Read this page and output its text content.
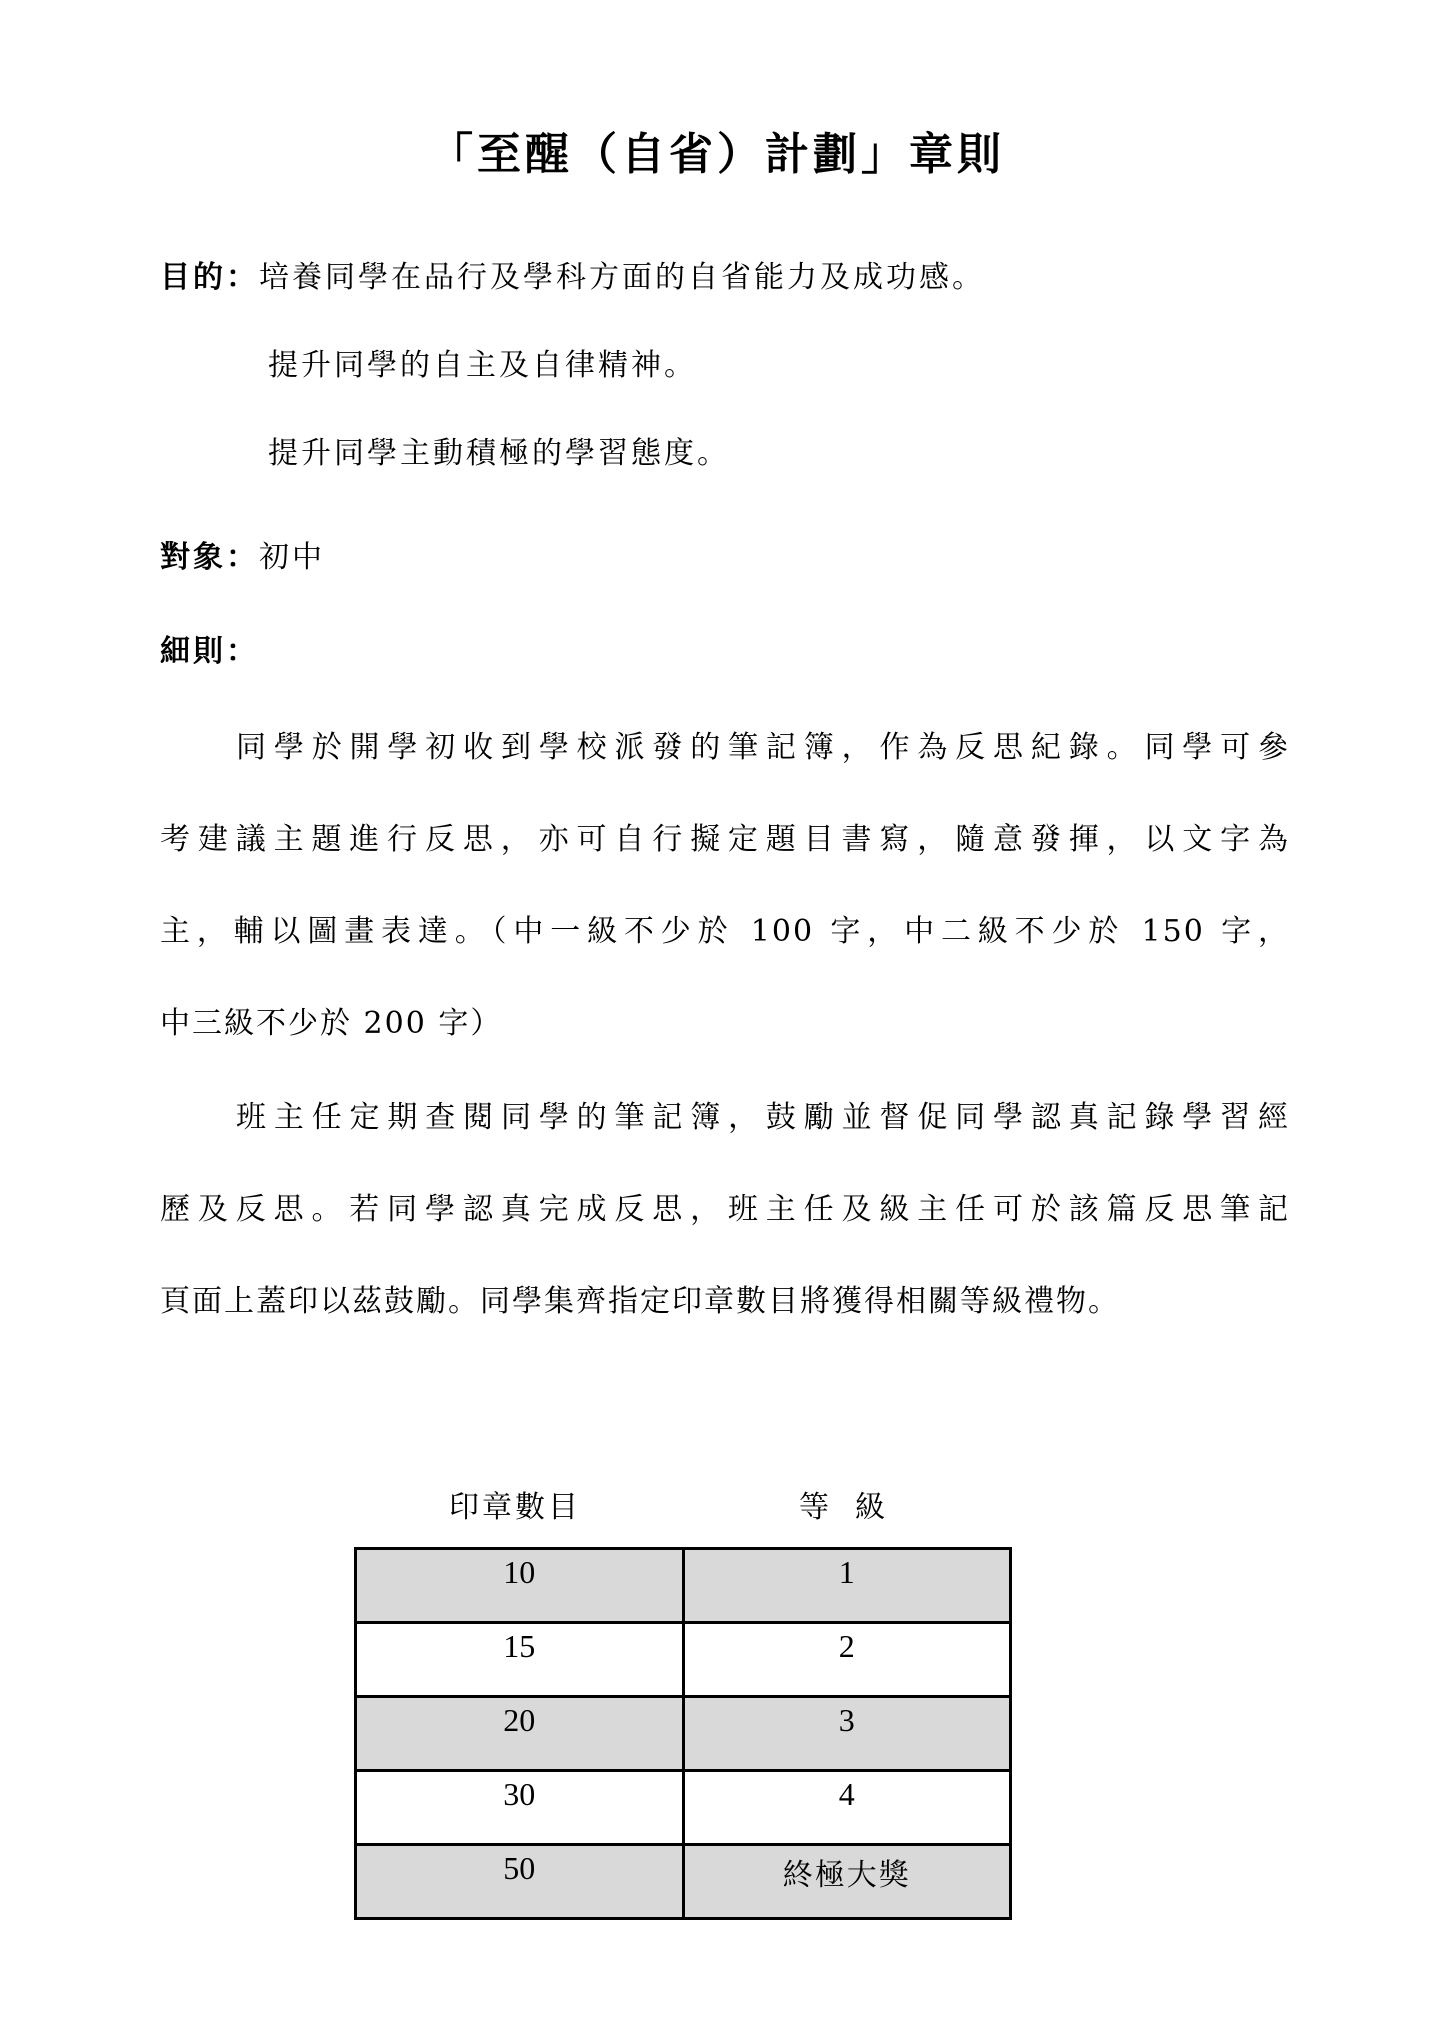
「至醒（自省）計劃」章則
目的：培養同學在品行及學科方面的自省能力及成功感。
提升同學的自主及自律精神。
提升同學主動積極的學習態度。
對象：初中
細則：
同學於開學初收到學校派發的筆記簿，作為反思紀錄。同學可參
考建議主題進行反思，亦可自行擬定題目書寫，隨意發揮，以文字為
主，輔以圖畫表達。（中一級不少於 100 字，中二級不少於 150 字，
中三級不少於 200 字）
班主任定期查閱同學的筆記簿，鼓勵並督促同學認真記錄學習經
歷及反思。若同學認真完成反思，班主任及級主任可於該篇反思筆記
頁面上蓋印以茲鼓勵。同學集齊指定印章數目將獲得相關等級禮物。
印章數目	等級
10	1
15	2
20	3
30	4
50	終極大獎
